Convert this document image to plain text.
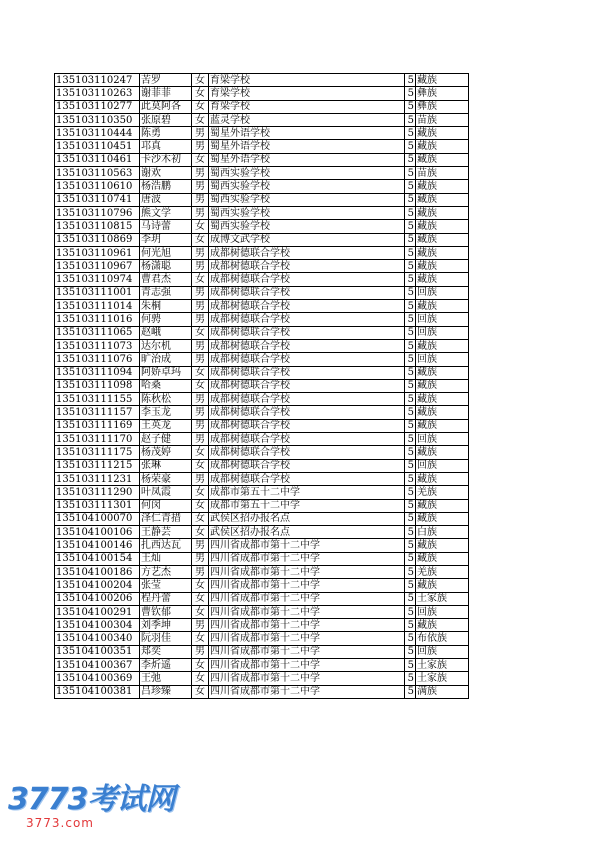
135103110247	苦罗	女	育梁学校	5	藏族
135103110263	谢菲菲	女	育梁学校	5	彝族
135103110277	此莫阿各	女	育梁学校	5	彝族
135103110350	张原碧	女	蓝灵学校	5	苗族
135103110444	陈勇	男	蜀星外语学校	5	藏族
135103110451	邛真	男	蜀星外语学校	5	藏族
135103110461	卡沙木初	女	蜀星外语学校	5	藏族
135103110563	谢欢	男	蜀西实验学校	5	苗族
135103110610	杨浩鹏	男	蜀西实验学校	5	藏族
135103110741	唐波	男	蜀西实验学校	5	藏族
135103110796	熊文学	男	蜀西实验学校	5	藏族
135103110815	马诗蕾	女	蜀西实验学校	5	藏族
135103110869	李玥	女	成博文武学校	5	藏族
135103110961	何光旭	男	成都树德联合学校	5	藏族
135103110967	杨潇聪	男	成都树德联合学校	5	藏族
135103110974	曹君杰	女	成都树德联合学校	5	藏族
135103111001	青志强	男	成都树德联合学校	5	回族
135103111014	朱桐	男	成都树德联合学校	5	藏族
135103111016	何骋	男	成都树德联合学校	5	回族
135103111065	赵峨	女	成都树德联合学校	5	回族
135103111073	达尔机	男	成都树德联合学校	5	藏族
135103111076	旷治成	男	成都树德联合学校	5	回族
135103111094	阿娇卓玛	女	成都树德联合学校	5	藏族
135103111098	哈桑	女	成都树德联合学校	5	藏族
135103111155	陈秋松	男	成都树德联合学校	5	藏族
135103111157	李玉龙	男	成都树德联合学校	5	藏族
135103111169	王英龙	男	成都树德联合学校	5	藏族
135103111170	赵子健	男	成都树德联合学校	5	回族
135103111175	杨茂婷	女	成都树德联合学校	5	藏族
135103111215	张琳	女	成都树德联合学校	5	回族
135103111231	杨荣豪	男	成都树德联合学校	5	藏族
135103111290	叶凤霞	女	成都市第五十二中学	5	羌族
135103111301	何闵	女	成都市第五十二中学	5	藏族
135104100070	泽仁青措	女	武侯区招办报名点	5	藏族
135104100106	王静芸	女	武侯区招办报名点	5	白族
135104100146	扎西达瓦	男	四川省成都市第十二中学	5	藏族
135104100154	王灿	男	四川省成都市第十二中学	5	藏族
135104100186	方艺杰	男	四川省成都市第十二中学	5	羌族
135104100204	张莹	女	四川省成都市第十二中学	5	藏族
135104100206	程丹蕾	女	四川省成都市第十二中学	5	土家族
135104100291	曹钦郁	女	四川省成都市第十二中学	5	回族
135104100304	刘季坤	男	四川省成都市第十二中学	5	藏族
135104100340	阮羽佳	女	四川省成都市第十二中学	5	布依族
135104100351	郑奕	男	四川省成都市第十二中学	5	回族
135104100367	李炘遥	女	四川省成都市第十二中学	5	土家族
135104100369	王弛	女	四川省成都市第十二中学	5	土家族
135104100381	吕珍臻	女	四川省成都市第十二中学	5	满族
3773考试网
3773.com
